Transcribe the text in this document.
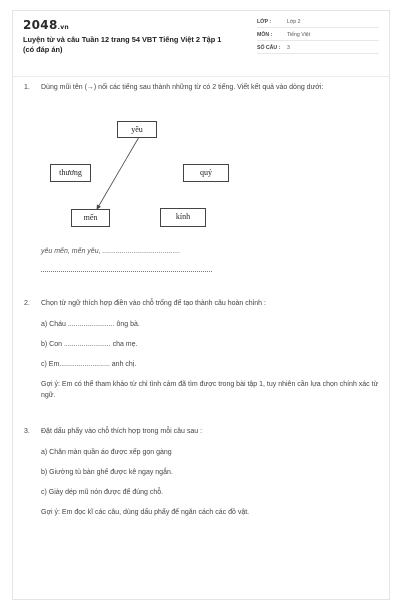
2048.vn
Luyện từ và câu Tuần 12 trang 54 VBT Tiếng Việt 2 Tập 1 (có đáp án)
LỚP :	Lớp 2
MÔN :	Tiếng Việt
SỐ CÂU : 3
1. Dùng mũi tên (→) nối các tiếng sau thành những từ có 2 tiếng. Viết kết quả vào dòng dưới:
yêu
thương	quý
mến	kính
yêu mến, mến yêu, ........................................
2. Chọn từ ngữ thích hợp điền vào chỗ trống để tạo thành câu hoàn chỉnh :
a) Cháu ........................ ông bà.
b) Con ........................ cha mẹ.
c) Em.......................... anh chị.
Gợi ý: Em có thể tham khảo từ chỉ tình cảm đã tìm được trong bài tập 1, tuy nhiên cần lựa chọn chính xác từ ngữ.
3. Đặt dấu phẩy vào chỗ thích hợp trong mỗi câu sau :
a) Chăn màn quần áo được xếp gọn gàng
b) Giường tủ bàn ghế được kê ngay ngắn.
c) Giày dép mũ nón được để đúng chỗ.
Gợi ý: Em đọc kĩ các câu, dùng dấu phẩy để ngăn cách các đồ vật.
